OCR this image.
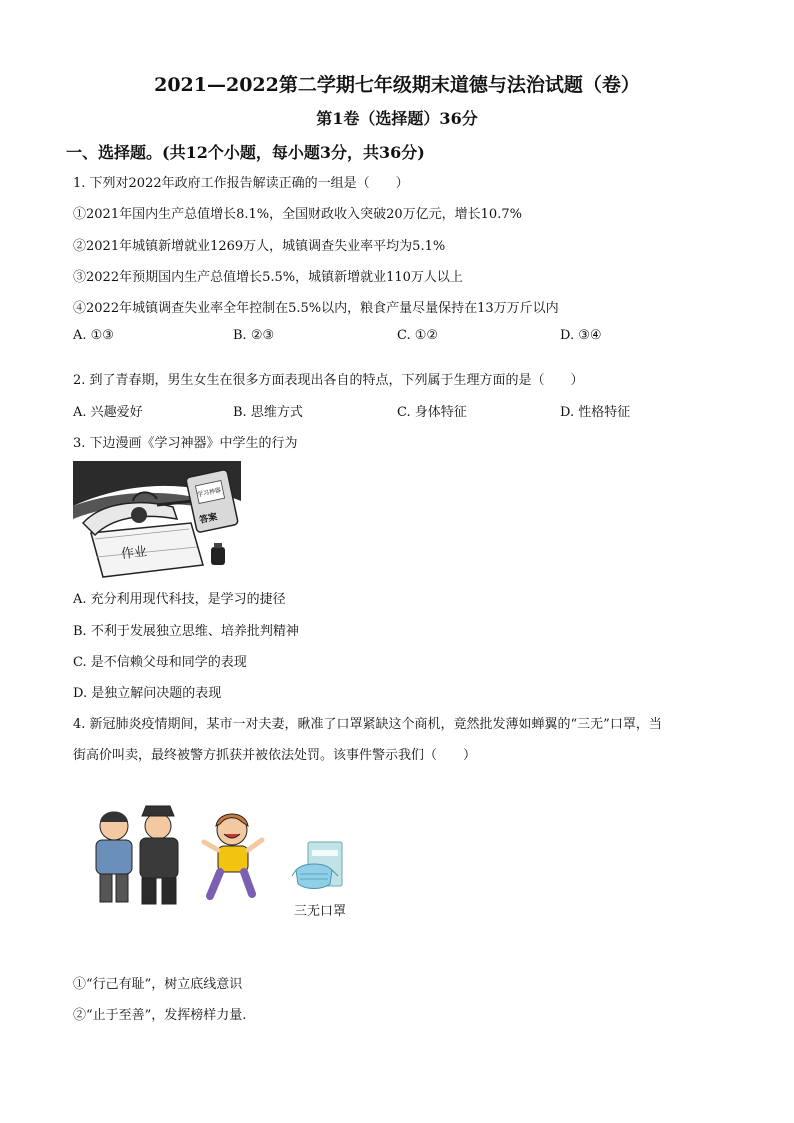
2021—2022第二学期七年级期末道德与法治试题（卷）
第1卷（选择题）36分
一、选择题。(共12个小题，每小题3分，共36分)
1. 下列对2022年政府工作报告解读正确的一组是（　　）
①2021年国内生产总值增长8.1%，全国财政收入突破20万亿元，增长10.7%
②2021年城镇新增就业1269万人，城镇调查失业率平均为5.1%
③2022年预期国内生产总值增长5.5%，城镇新增就业110万人以上
④2022年城镇调查失业率全年控制在5.5%以内，粮食产量尽量保持在13万万斤以内
A. ①③	B. ②③	C. ①②	D. ③④
2. 到了青春期，男生女生在很多方面表现出各自的特点，下列属于生理方面的是（　　）
A. 兴趣爱好	B. 思维方式	C. 身体特征	D. 性格特征
3. 下边漫画《学习神器》中学生的行为
学习神器
答案
作业
A. 充分利用现代科技，是学习的捷径
B. 不利于发展独立思维、培养批判精神
C. 是不信赖父母和同学的表现
D. 是独立解问决题的表现
4. 新冠肺炎疫情期间，某市一对夫妻，瞅准了口罩紧缺这个商机，竟然批发薄如蝉翼的“三无”口罩，当
街高价叫卖，最终被警方抓获并被依法处罚。该事件警示我们（　　）
三无口罩
①“行己有耻”，树立底线意识
②“止于至善”，发挥榜样力量.
